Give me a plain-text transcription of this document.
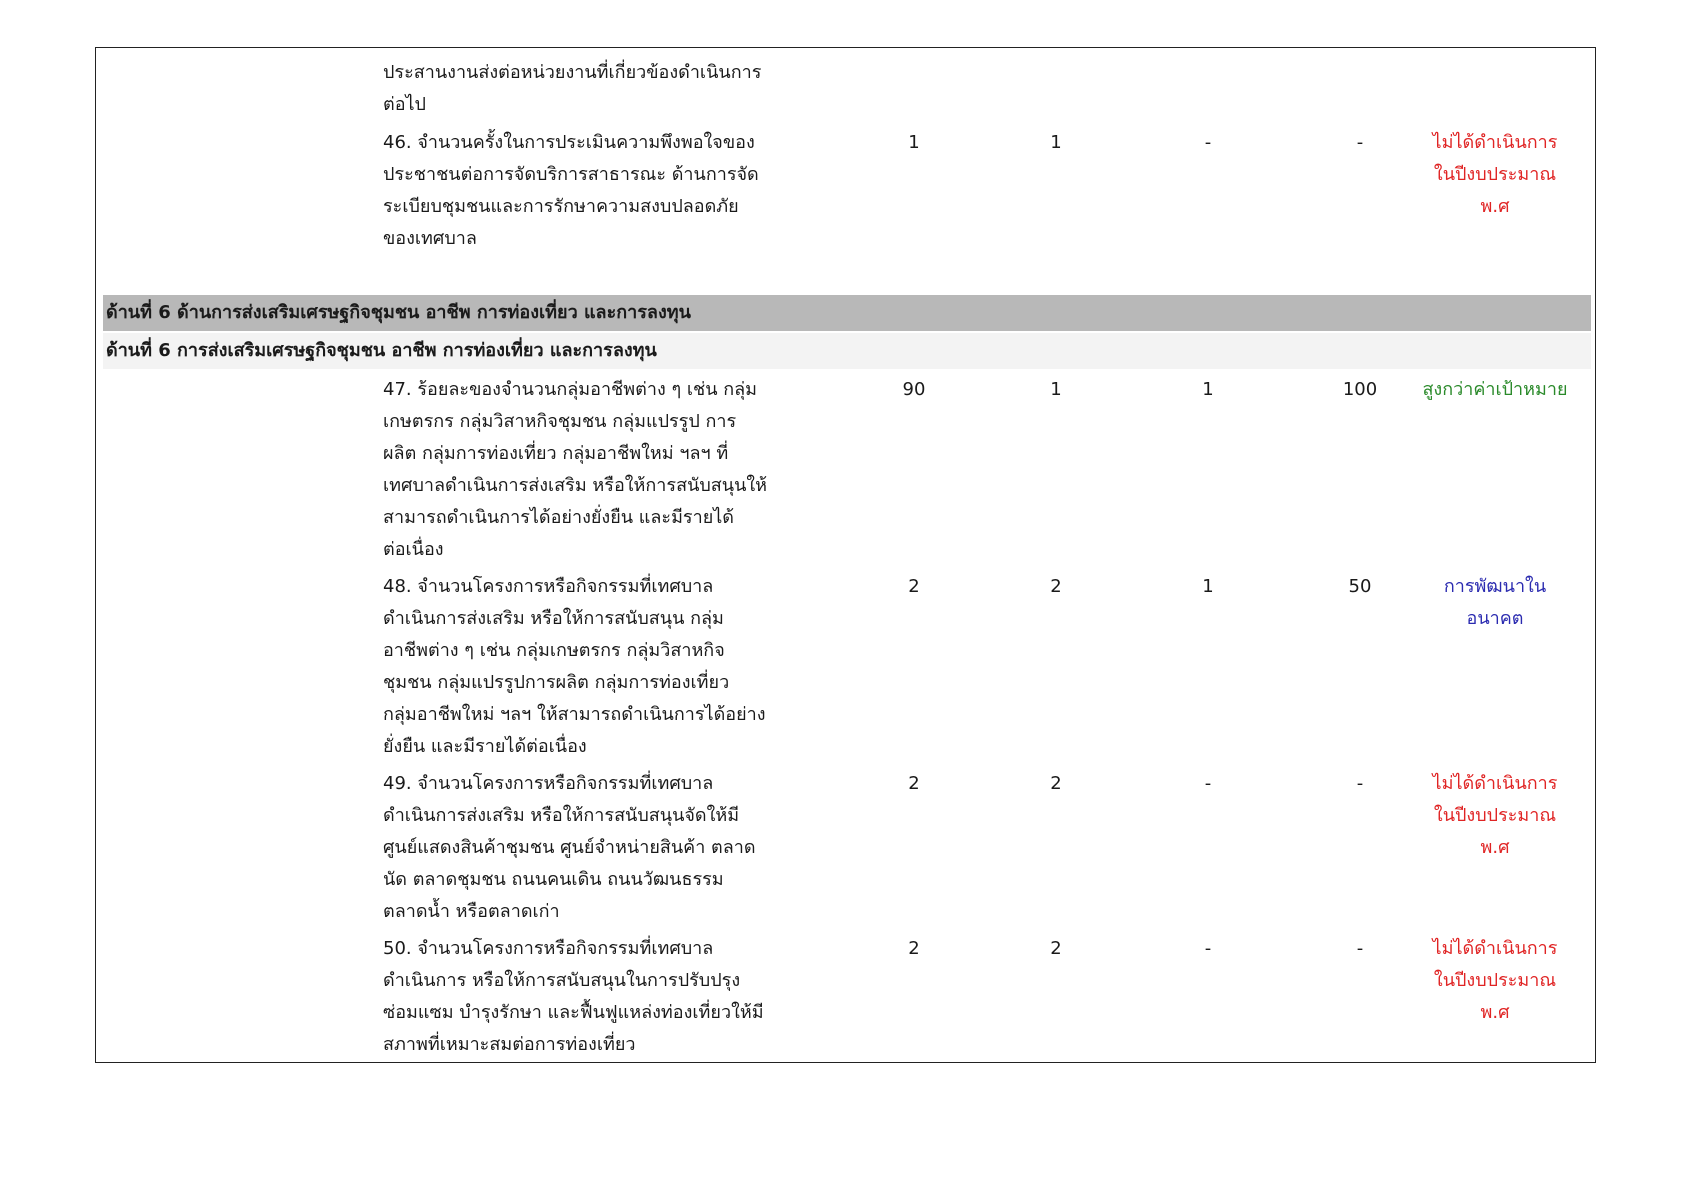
ประสานงานส่งต่อหน่วยงานที่เกี่ยวข้องดำเนินการ
ต่อไป
46. จำนวนครั้งในการประเมินความพึงพอใจของ
ประชาชนต่อการจัดบริการสาธารณะ ด้านการจัด
ระเบียบชุมชนและการรักษาความสงบปลอดภัย
ของเทศบาล
1	1	-	-	ไม่ได้ดำเนินการ
ในปีงบประมาณ
พ.ศ
ด้านที่ 6 ด้านการส่งเสริมเศรษฐกิจชุมชน อาชีพ การท่องเที่ยว และการลงทุน
ด้านที่ 6 การส่งเสริมเศรษฐกิจชุมชน อาชีพ การท่องเที่ยว และการลงทุน
47. ร้อยละของจำนวนกลุ่มอาชีพต่าง ๆ เช่น กลุ่ม
เกษตรกร กลุ่มวิสาหกิจชุมชน กลุ่มแปรรูป การ
ผลิต กลุ่มการท่องเที่ยว กลุ่มอาชีพใหม่ ฯลฯ ที่
เทศบาลดำเนินการส่งเสริม หรือให้การสนับสนุนให้
สามารถดำเนินการได้อย่างยั่งยืน และมีรายได้
ต่อเนื่อง
90	1	1	100	สูงกว่าค่าเป้าหมาย
48. จำนวนโครงการหรือกิจกรรมที่เทศบาล
ดำเนินการส่งเสริม หรือให้การสนับสนุน กลุ่ม
อาชีพต่าง ๆ เช่น กลุ่มเกษตรกร กลุ่มวิสาหกิจ
ชุมชน กลุ่มแปรรูปการผลิต กลุ่มการท่องเที่ยว
กลุ่มอาชีพใหม่ ฯลฯ ให้สามารถดำเนินการได้อย่าง
ยั่งยืน และมีรายได้ต่อเนื่อง
2	2	1	50	การพัฒนาใน
อนาคต
49. จำนวนโครงการหรือกิจกรรมที่เทศบาล
ดำเนินการส่งเสริม หรือให้การสนับสนุนจัดให้มี
ศูนย์แสดงสินค้าชุมชน ศูนย์จำหน่ายสินค้า ตลาด
นัด ตลาดชุมชน ถนนคนเดิน ถนนวัฒนธรรม
ตลาดน้ำ หรือตลาดเก่า
2	2	-	-	ไม่ได้ดำเนินการ
ในปีงบประมาณ
พ.ศ
50. จำนวนโครงการหรือกิจกรรมที่เทศบาล
ดำเนินการ หรือให้การสนับสนุนในการปรับปรุง
ซ่อมแซม บำรุงรักษา และฟื้นฟูแหล่งท่องเที่ยวให้มี
สภาพที่เหมาะสมต่อการท่องเที่ยว
2	2	-	-	ไม่ได้ดำเนินการ
ในปีงบประมาณ
พ.ศ
